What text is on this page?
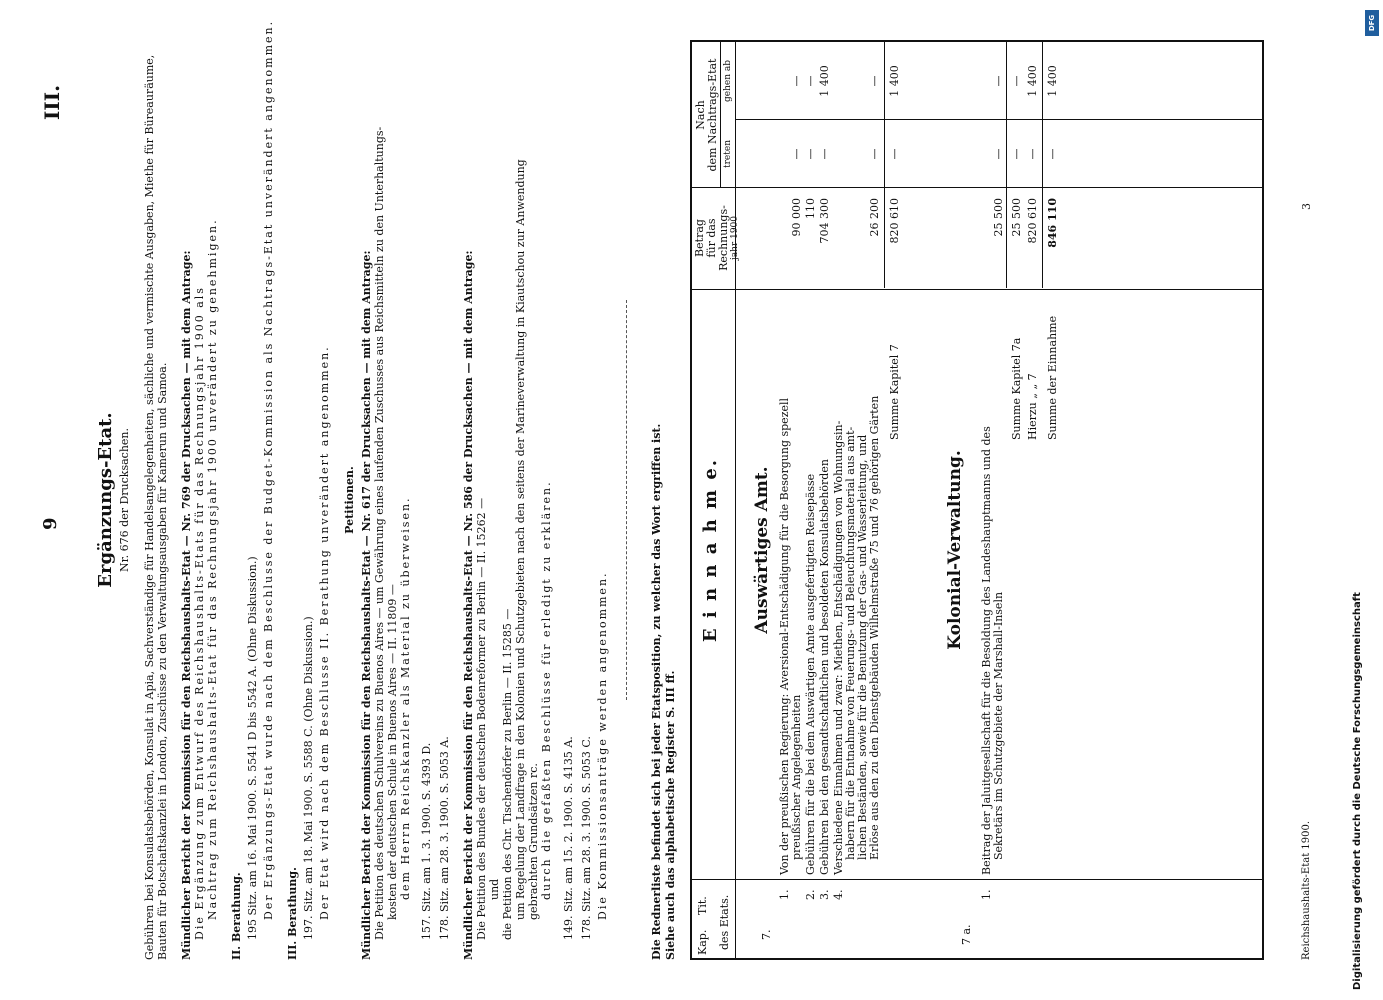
9
III.
Ergänzungs-Etat. Nr. 676 der Drucksachen. Gebühren bei Konsulatsbehörden, Konsulat in Apia, Sachverständige für Handelsangelegenheiten, sächliche und vermischte Ausgaben, Miethe für Büreauräume, Bauten für Botschaftskanzlei in London, Zuschüsse zu den Verwaltungsausgaben für Kamerun und Samoa. Mündlicher Bericht der Kommission für den Reichshaushalts-Etat — Nr. 769 der Drucksachen — mit dem Antrage: Die Ergänzung zum Entwurf des Reichshaushalts-Etats für das Rechnungsjahr 1900 als Nachtrag zum Reichshaushalts-Etat für das Rechnungsjahr 1900 unverändert zu genehmigen. II. Berathung. 195 Sitz. am 16. Mai 1900. S. 5541 D bis 5542 A. (Ohne Diskussion.) Der Ergänzungs-Etat wurde nach dem Beschlusse der Budget-Kommission als Nachtrags-Etat unverändert angenommen. III. Berathung. 197. Sitz. am 18. Mai 1900. S. 5588 C. (Ohne Diskussion.) Der Etat wird nach dem Beschlusse II. Berathung unverändert angenommen. Petitionen. Mündlicher Bericht der Kommission für den Reichshaushalts-Etat — Nr. 617 der Drucksachen — mit dem Antrage: Die Petition des deutschen Schulvereins zu Buenos Aires — um Gewährung eines laufenden Zuschusses aus Reichsmitteln zu den Unterhaltungs- kosten der deutschen Schule in Buenos Aires — II. 11809 — dem Herrn Reichskanzler als Material zu überweisen. 157. Sitz. am 1. 3. 1900. S. 4393 D. 178. Sitz. am 28. 3. 1900. S. 5053 A. Mündlicher Bericht der Kommission für den Reichshaushalts-Etat — Nr. 586 der Drucksachen — mit dem Antrage: Die Petition des Bundes der deutschen Bodenreformer zu Berlin — II. 15262 — und die Petition des Chr. Tischendörfer zu Berlin — II. 15285 — um Regelung der Landfrage in den Kolonien und Schutzgebieten nach den seitens der Marineverwaltung in Kiautschou zur Anwendung gebrachten Grundsätzen rc. durch die gefaßten Beschlüsse für erledigt zu erklären. 149. Sitz. am 15. 2. 1900. S. 4135 A. 178. Sitz. am 28. 3. 1900. S. 5053 C. Die Kommissionsanträge werden angenommen.	Die Rednerliste befindet sich bei jeder Etatsposition, zu welcher das Wort ergriffen ist. Siehe auch das alphabetische Register S. III ff. Kap.
Tit. des Etats.
E i n n a h m e.
Betrag für das Rechnungs- jahr 1900
Nach dem Nachtrags-Etat treten
gehen ab
Auswärtiges Amt.
7.
1.
Von der preußischen Regierung: Aversional-Entschädigung für die Besorgung spezell preußischer Angelegenheiten
90 000
—
—
2.
Gebühren für die bei dem Auswärtigen Amte ausgefertigten Reisepässe
110
—
—
3.
Gebühren bei den gesandtschaftlichen und besoldeten Konsulatsbehörden
704 300
—
1 400
4.
Verschiedene Einnahmen und zwar: Miethen, Entschädigungen von Wohnungsin- habern für die Entnahme von Feuerungs- und Beleuchtungsmaterial aus amt- lichen Beständen, sowie für die Benutzung der Gas- und Wasserleitung, und Erlöse aus den zu den Dienstgebäuden Wilhelmstraße 75 und 76 gehörigen Gärten
26 200
—
—
Summe Kapitel 7
820 610
—
1 400
Kolonial-Verwaltung.
7 a.
1.
Beitrag der Jaluitgesellschaft für die Besoldung des Landeshauptmanns und des Sekretärs im Schutzgebiete der Marshall-Inseln
25 500
—
—
Summe Kapitel 7a
25 500
—
—
Hierzu „ „ 7
820 610
—
1 400
Summe der Einnahme
846 110
—
1 400
Reichshaushalts-Etat 1900.
3
DFG
Digitalisierung gefördert durch die Deutsche Forschungsgemeinschaft
